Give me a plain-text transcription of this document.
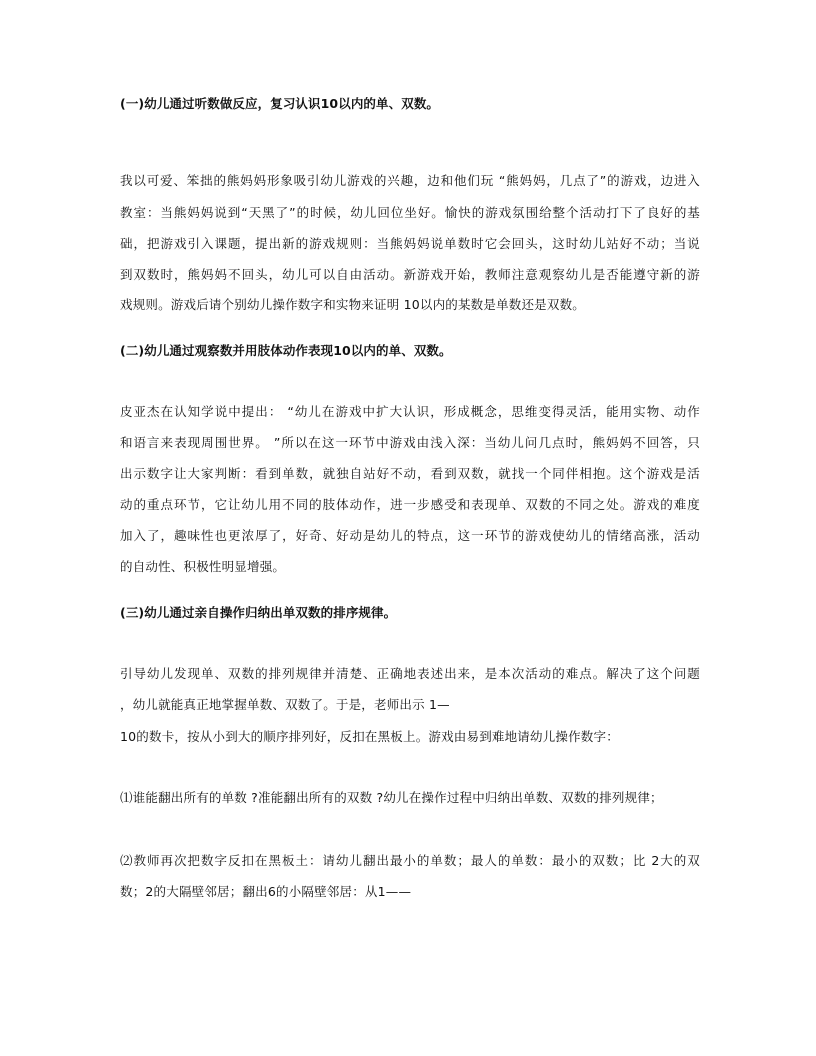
(一)幼儿通过听数做反应，复习认识10以内的单、双数。
我以可爱、笨拙的熊妈妈形象吸引幼儿游戏的兴趣，边和他们玩 “熊妈妈，几点了”的游戏，边进入
教室：当熊妈妈说到“天黑了”的时候，幼儿回位坐好。愉快的游戏氛围给整个活动打下了良好的基
础，把游戏引入课题，提出新的游戏规则：当熊妈妈说单数时它会回头，这时幼儿站好不动；当说
到双数时，熊妈妈不回头，幼儿可以自由活动。新游戏开始，教师注意观察幼儿是否能遵守新的游
戏规则。游戏后请个别幼儿操作数字和实物来证明 10以内的某数是单数还是双数。
(二)幼儿通过观察数并用肢体动作表现10以内的单、双数。
皮亚杰在认知学说中提出： “幼儿在游戏中扩大认识，形成概念，思维变得灵活，能用实物、动作
和语言来表现周围世界。 ”所以在这一环节中游戏由浅入深：当幼儿问几点时，熊妈妈不回答，只
出示数字让大家判断：看到单数，就独自站好不动，看到双数，就找一个同伴相抱。这个游戏是活
动的重点环节，它让幼儿用不同的肢体动作，进一步感受和表现单、双数的不同之处。游戏的难度
加入了，趣味性也更浓厚了，好奇、好动是幼儿的特点，这一环节的游戏使幼儿的情绪高涨，活动
的自动性、积极性明显增强。
(三)幼儿通过亲自操作归纳出单双数的排序规律。
引导幼儿发现单、双数的排列规律并清楚、正确地表述出来，是本次活动的难点。解决了这个问题
，幼儿就能真正地掌握单数、双数了。于是，老师出示 1—
10的数卡，按从小到大的顺序排列好，反扣在黑板上。游戏由易到难地请幼儿操作数字：
⑴谁能翻出所有的单数 ?准能翻出所有的双数 ?幼儿在操作过程中归纳出单数、双数的排列规律；
⑵教师再次把数字反扣在黑板土：请幼儿翻出最小的单数；最人的单数：最小的双数；比 2大的双
数；2的大隔壁邻居；翻出6的小隔壁邻居：从1——
